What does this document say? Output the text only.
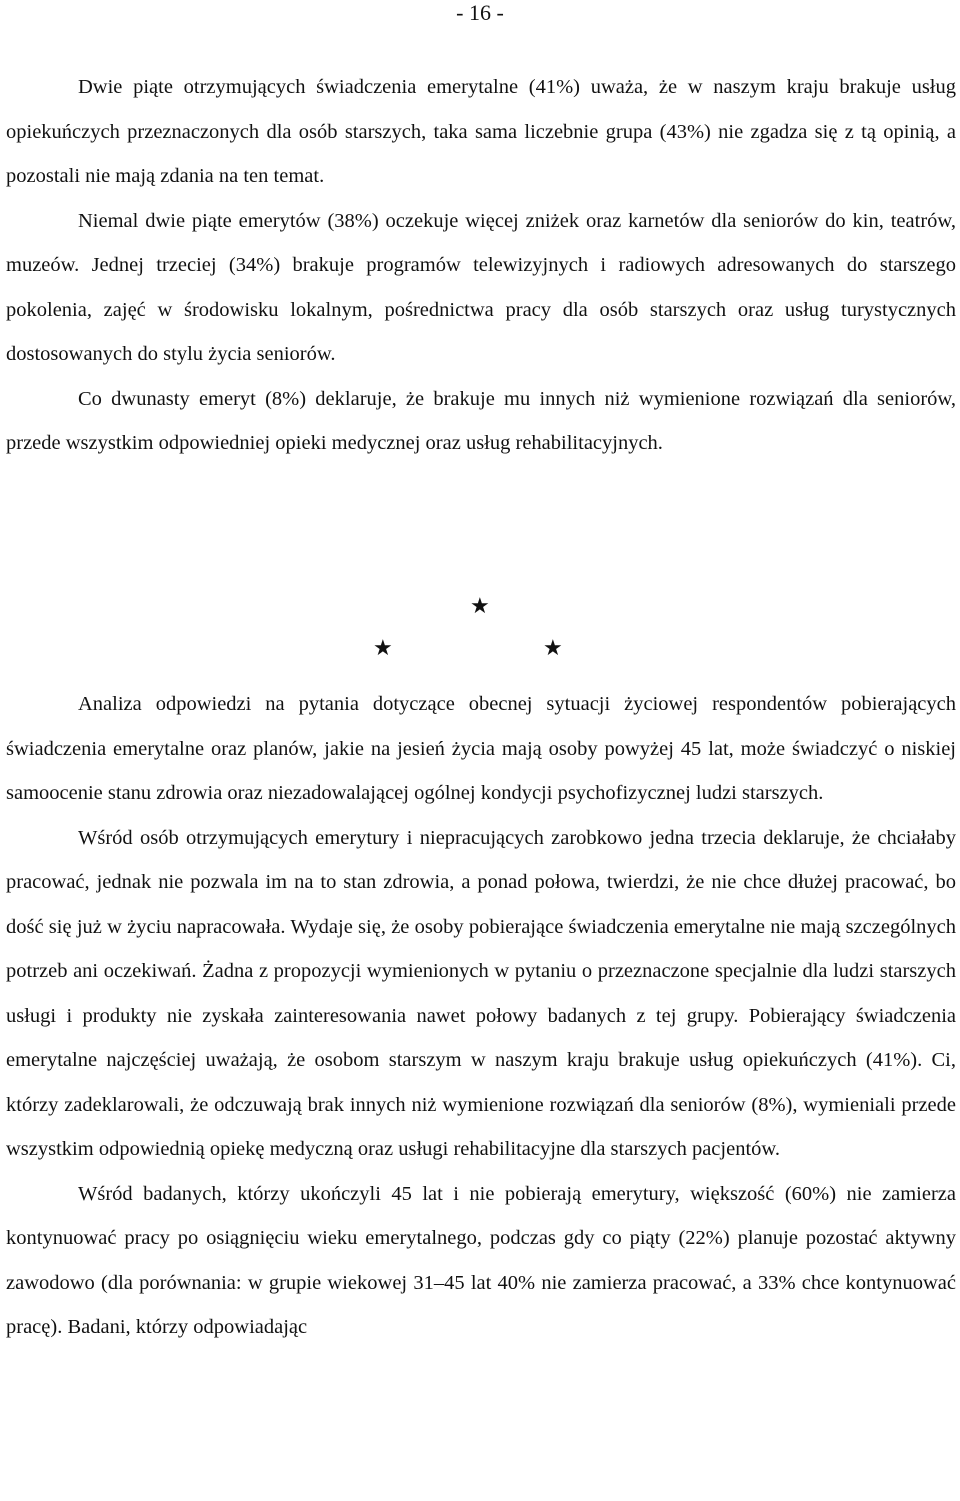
- 16 -

Dwie piąte otrzymujących świadczenia emerytalne (41%) uważa, że w naszym kraju brakuje usług opiekuńczych przeznaczonych dla osób starszych, taka sama liczebnie grupa (43%) nie zgadza się z tą opinią, a pozostali nie mają zdania na ten temat.

Niemal dwie piąte emerytów (38%) oczekuje więcej zniżek oraz karnetów dla seniorów do kin, teatrów, muzeów. Jednej trzeciej (34%) brakuje programów telewizyjnych i radiowych adresowanych do starszego pokolenia, zajęć w środowisku lokalnym, pośrednictwa pracy dla osób starszych oraz usług turystycznych dostosowanych do stylu życia seniorów.

Co dwunasty emeryt (8%) deklaruje, że brakuje mu innych niż wymienione rozwiązań dla seniorów, przede wszystkim odpowiedniej opieki medycznej oraz usług rehabilitacyjnych.

★
★	★

Analiza odpowiedzi na pytania dotyczące obecnej sytuacji życiowej respondentów pobierających świadczenia emerytalne oraz planów, jakie na jesień życia mają osoby powyżej 45 lat, może świadczyć o niskiej samoocenie stanu zdrowia oraz niezadowalającej ogólnej kondycji psychofizycznej ludzi starszych.

Wśród osób otrzymujących emerytury i niepracujących zarobkowo jedna trzecia deklaruje, że chciałaby pracować, jednak nie pozwala im na to stan zdrowia, a ponad połowa, twierdzi, że nie chce dłużej pracować, bo dość się już w życiu napracowała. Wydaje się, że osoby pobierające świadczenia emerytalne nie mają szczególnych potrzeb ani oczekiwań. Żadna z propozycji wymienionych w pytaniu o przeznaczone specjalnie dla ludzi starszych usługi i produkty nie zyskała zainteresowania nawet połowy badanych z tej grupy. Pobierający świadczenia emerytalne najczęściej uważają, że osobom starszym w naszym kraju brakuje usług opiekuńczych (41%). Ci, którzy zadeklarowali, że odczuwają brak innych niż wymienione rozwiązań dla seniorów (8%), wymieniali przede wszystkim odpowiednią opiekę medyczną oraz usługi rehabilitacyjne dla starszych pacjentów.

Wśród badanych, którzy ukończyli 45 lat i nie pobierają emerytury, większość (60%) nie zamierza kontynuować pracy po osiągnięciu wieku emerytalnego, podczas gdy co piąty (22%) planuje pozostać aktywny zawodowo (dla porównania: w grupie wiekowej 31–45 lat 40% nie zamierza pracować, a 33% chce kontynuować pracę). Badani, którzy odpowiadając
